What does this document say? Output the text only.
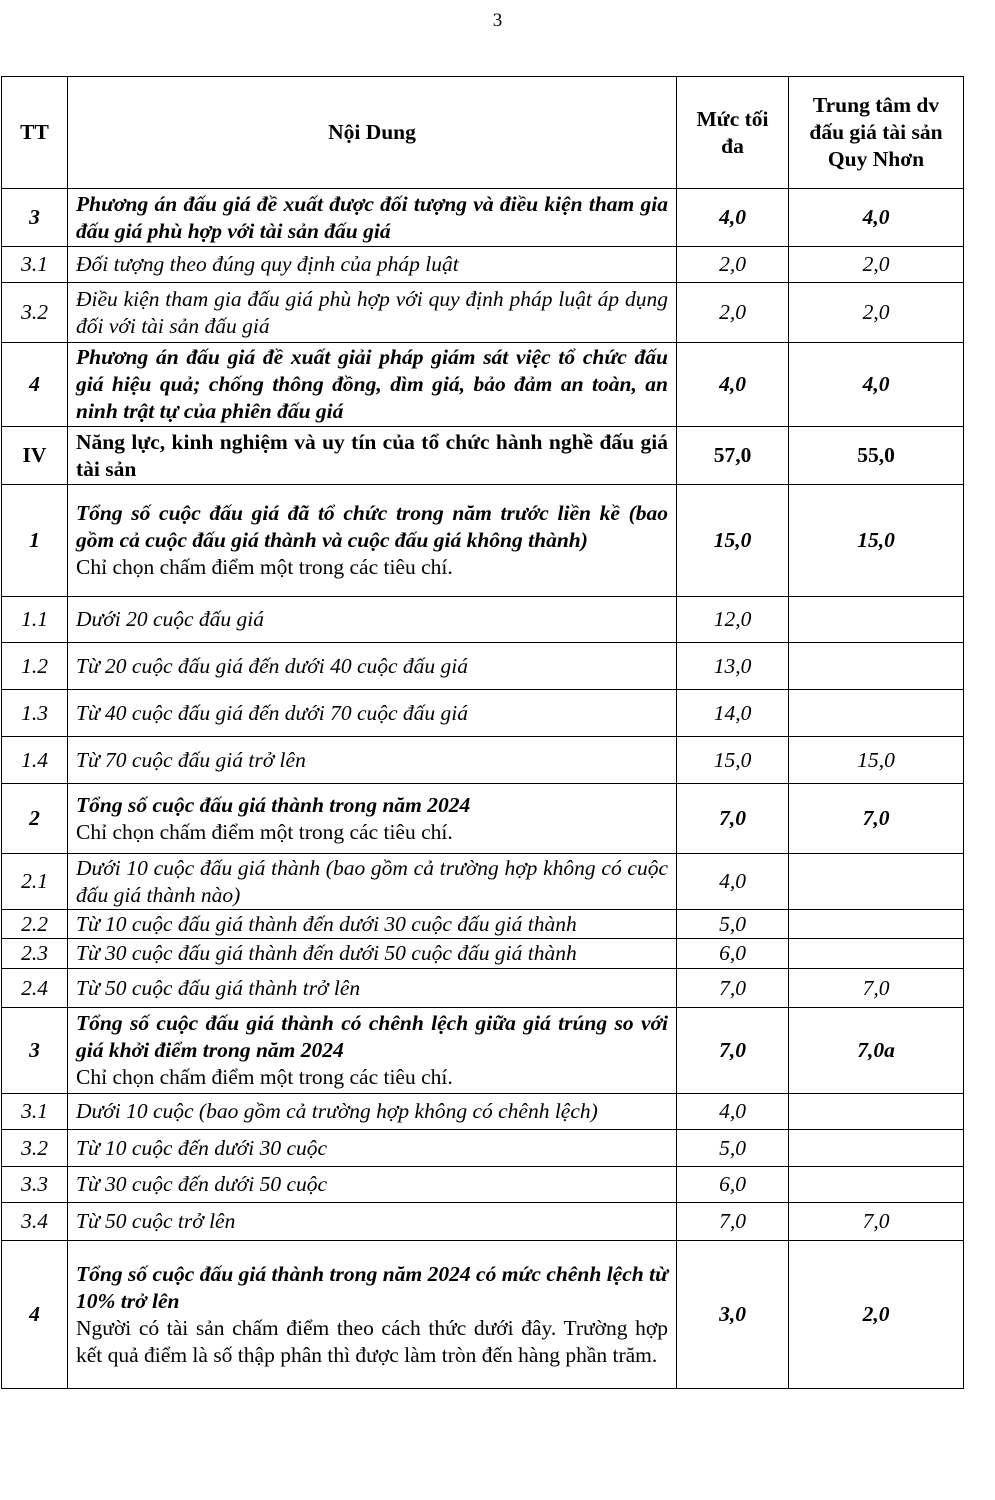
3
TT	Nội Dung	Mức tối đa	Trung tâm dv đấu giá tài sản Quy Nhơn
3	Phương án đấu giá đề xuất được đối tượng và điều kiện tham gia đấu giá phù hợp với tài sản đấu giá	4,0	4,0
3.1	Đối tượng theo đúng quy định của pháp luật	2,0	2,0
3.2	Điều kiện tham gia đấu giá phù hợp với quy định pháp luật áp dụng đối với tài sản đấu giá	2,0	2,0
4	Phương án đấu giá đề xuất giải pháp giám sát việc tổ chức đấu giá hiệu quả; chống thông đồng, dìm giá, bảo đảm an toàn, an ninh trật tự của phiên đấu giá	4,0	4,0
IV	Năng lực, kinh nghiệm và uy tín của tổ chức hành nghề đấu giá tài sản	57,0	55,0
1	Tổng số cuộc đấu giá đã tổ chức trong năm trước liền kề (bao gồm cả cuộc đấu giá thành và cuộc đấu giá không thành)
Chỉ chọn chấm điểm một trong các tiêu chí.	15,0	15,0
1.1	Dưới 20 cuộc đấu giá	12,0	
1.2	Từ 20 cuộc đấu giá đến dưới 40 cuộc đấu giá	13,0	
1.3	Từ 40 cuộc đấu giá đến dưới 70 cuộc đấu giá	14,0	
1.4	Từ 70 cuộc đấu giá trở lên	15,0	15,0
2	Tổng số cuộc đấu giá thành trong năm 2024
Chỉ chọn chấm điểm một trong các tiêu chí.	7,0	7,0
2.1	Dưới 10 cuộc đấu giá thành (bao gồm cả trường hợp không có cuộc đấu giá thành nào)	4,0	
2.2	Từ 10 cuộc đấu giá thành đến dưới 30 cuộc đấu giá thành	5,0	
2.3	Từ 30 cuộc đấu giá thành đến dưới 50 cuộc đấu giá thành	6,0	
2.4	Từ 50 cuộc đấu giá thành trở lên	7,0	7,0
3	Tổng số cuộc đấu giá thành có chênh lệch giữa giá trúng so với giá khởi điểm trong năm 2024
Chỉ chọn chấm điểm một trong các tiêu chí.	7,0	7,0a
3.1	Dưới 10 cuộc (bao gồm cả trường hợp không có chênh lệch)	4,0	
3.2	Từ 10 cuộc đến dưới 30 cuộc	5,0	
3.3	Từ 30 cuộc đến dưới 50 cuộc	6,0	
3.4	Từ 50 cuộc trở lên	7,0	7,0
4	Tổng số cuộc đấu giá thành trong năm 2024 có mức chênh lệch từ 10% trở lên
Người có tài sản chấm điểm theo cách thức dưới đây. Trường hợp kết quả điểm là số thập phân thì được làm tròn đến hàng phần trăm.	3,0	2,0
